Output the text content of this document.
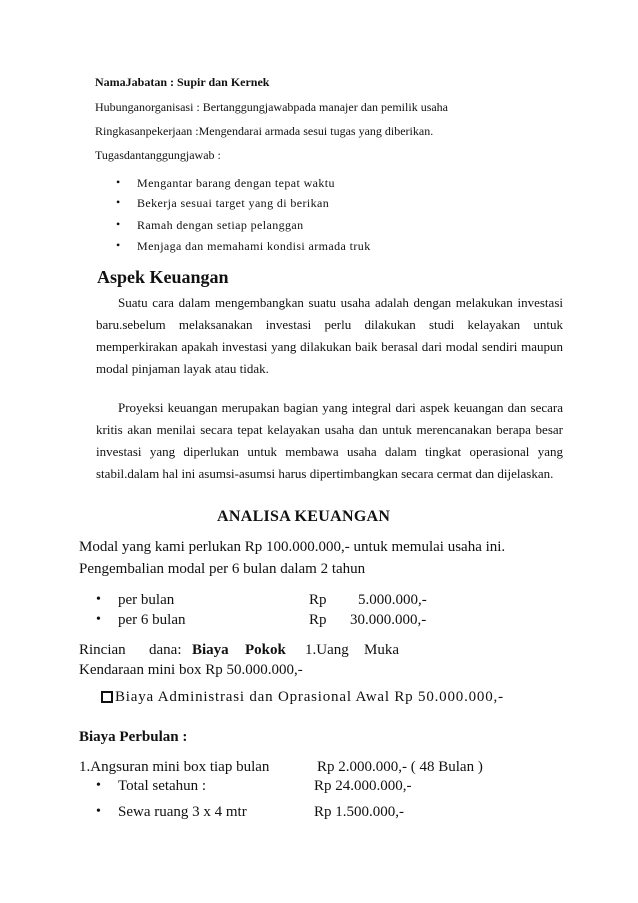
NamaJabatan : Supir dan Kernek
Hubunganorganisasi : Bertanggungjawabpada manajer dan pemilik usaha
Ringkasanpekerjaan :Mengendarai armada sesui tugas yang diberikan.
Tugasdantanggungjawab :
• Mengantar barang dengan tepat waktu
• Bekerja sesuai target yang di berikan
• Ramah dengan setiap pelanggan
• Menjaga dan memahami kondisi armada truk
Aspek Keuangan
Suatu cara dalam mengembangkan suatu usaha adalah dengan melakukan investasi
baru.sebelum melaksanakan investasi perlu dilakukan studi kelayakan untuk
memperkirakan apakah investasi yang dilakukan baik berasal dari modal sendiri maupun
modal pinjaman layak atau tidak.
Proyeksi keuangan merupakan bagian yang integral dari aspek keuangan dan secara
kritis akan menilai secara tepat kelayakan usaha dan untuk merencanakan berapa besar
investasi yang diperlukan untuk membawa usaha dalam tingkat operasional yang
stabil.dalam hal ini asumsi-asumsi harus dipertimbangkan secara cermat dan dijelaskan.
ANALISA KEUANGAN
Modal yang kami perlukan Rp 100.000.000,- untuk memulai usaha ini.
Pengembalian modal per 6 bulan dalam 2 tahun
• per bulan	Rp 5.000.000,-
• per 6 bulan	Rp 30.000.000,-
Rincian dana: Biaya Pokok 1.Uang Muka
Kendaraan mini box Rp 50.000.000,-
Biaya Administrasi dan Oprasional Awal Rp 50.000.000,-
Biaya Perbulan :
1.Angsuran mini box tiap bulan	Rp 2.000.000,- ( 48 Bulan )
• Total setahun :	Rp 24.000.000,-
• Sewa ruang 3 x 4 mtr	Rp 1.500.000,-
